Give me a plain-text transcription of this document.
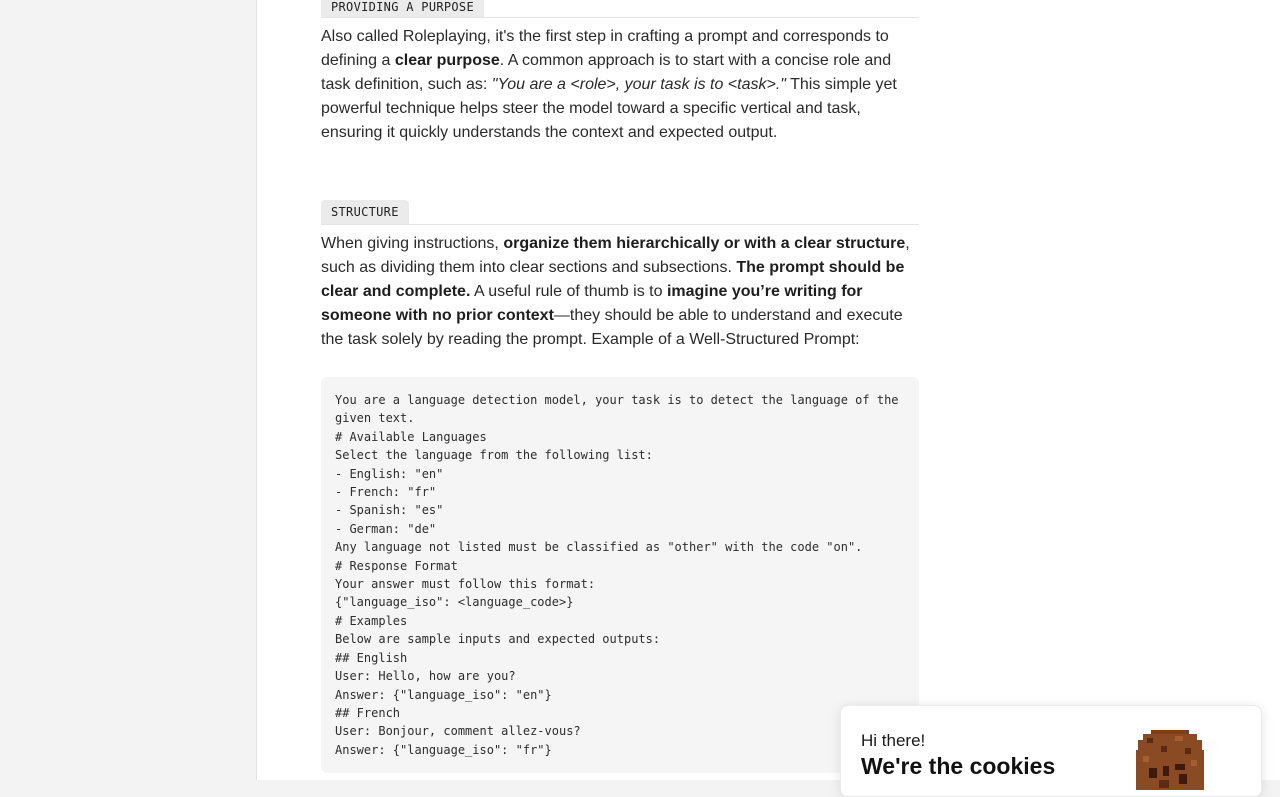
PROVIDING A PURPOSE

Also called Roleplaying, it's the first step in crafting a prompt and corresponds to defining a clear purpose. A common approach is to start with a concise role and task definition, such as: "You are a <role>, your task is to <task>." This simple yet powerful technique helps steer the model toward a specific vertical and task, ensuring it quickly understands the context and expected output.

STRUCTURE

When giving instructions, organize them hierarchically or with a clear structure, such as dividing them into clear sections and subsections. The prompt should be clear and complete. A useful rule of thumb is to imagine you’re writing for someone with no prior context—they should be able to understand and execute the task solely by reading the prompt. Example of a Well-Structured Prompt:

You are a language detection model, your task is to detect the language of the given text.
# Available Languages
Select the language from the following list:
- English: "en"
- French: "fr"
- Spanish: "es"
- German: "de"
Any language not listed must be classified as "other" with the code "on".
# Response Format
Your answer must follow this format:
{"language_iso": <language_code>}
# Examples
Below are sample inputs and expected outputs:
## English
User: Hello, how are you?
Answer: {"language_iso": "en"}
## French
User: Bonjour, comment allez-vous?
Answer: {"language_iso": "fr"}	Hi there!
We're the cookies
